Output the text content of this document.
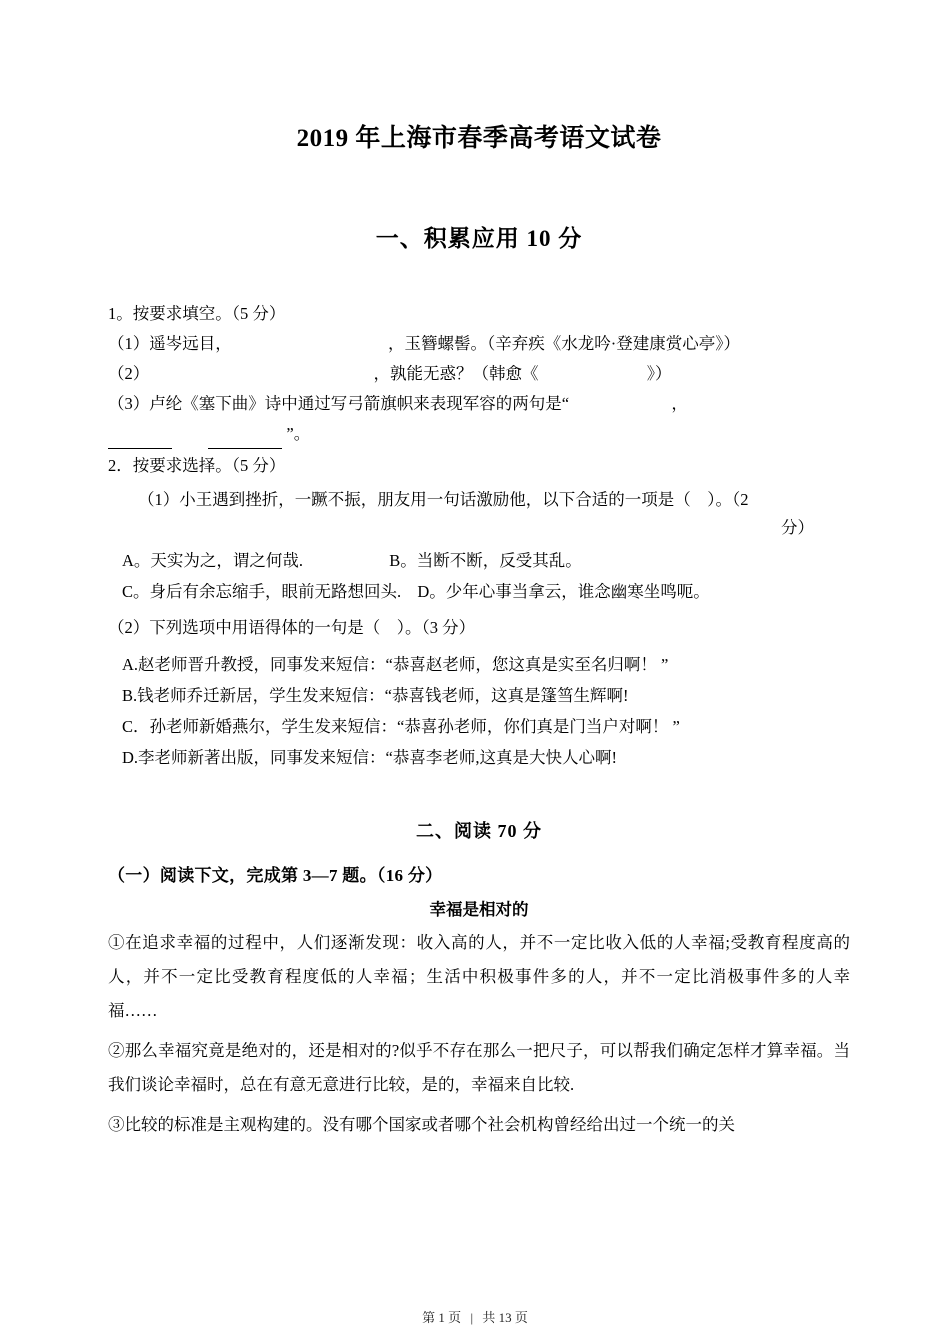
2019 年上海市春季高考语文试卷
一、积累应用 10 分
1。按要求填空。（5 分）
（1）遥岑远目，	，玉簪螺髻。（辛弃疾《水龙吟·登建康赏心亭》）
（2）	，孰能无惑？（韩愈《	》）
（3）卢纶《塞下曲》诗中通过写弓箭旗帜来表现军容的两句是“	，
”。
2．按要求选择。（5 分）
（1）小王遇到挫折，一蹶不振，朋友用一句话激励他，以下合适的一项是（　）。（2
分）
A。天实为之，谓之何哉.	B。当断不断，反受其乱。
C。身后有余忘缩手，眼前无路想回头. D。少年心事当拿云，谁念幽寒坐鸣呃。
（2）下列选项中用语得体的一句是（　）。（3 分）
A.赵老师晋升教授，同事发来短信：“恭喜赵老师，您这真是实至名归啊！ ”
B.钱老师乔迁新居，学生发来短信：“恭喜钱老师，这真是篷筜生辉啊!
C．孙老师新婚燕尔，学生发来短信：“恭喜孙老师，你们真是门当户对啊！ ”
D.李老师新著出版，同事发来短信：“恭喜李老师,这真是大快人心啊!
二、阅读 70 分
（一）阅读下文，完成第 3—7 题。（16 分）
幸福是相对的
①在追求幸福的过程中，人们逐渐发现：收入高的人，并不一定比收入低的人幸福;受教育程度高的人，并不一定比受教育程度低的人幸福；生活中积极事件多的人，并不一定比消极事件多的人幸福……
②那么幸福究竟是绝对的，还是相对的?似乎不存在那么一把尺子，可以帮我们确定怎样才算幸福。当我们谈论幸福时，总在有意无意进行比较，是的，幸福来自比较.
③比较的标准是主观构建的。没有哪个国家或者哪个社会机构曾经给出过一个统一的关
第 1 页 | 共 13 页
